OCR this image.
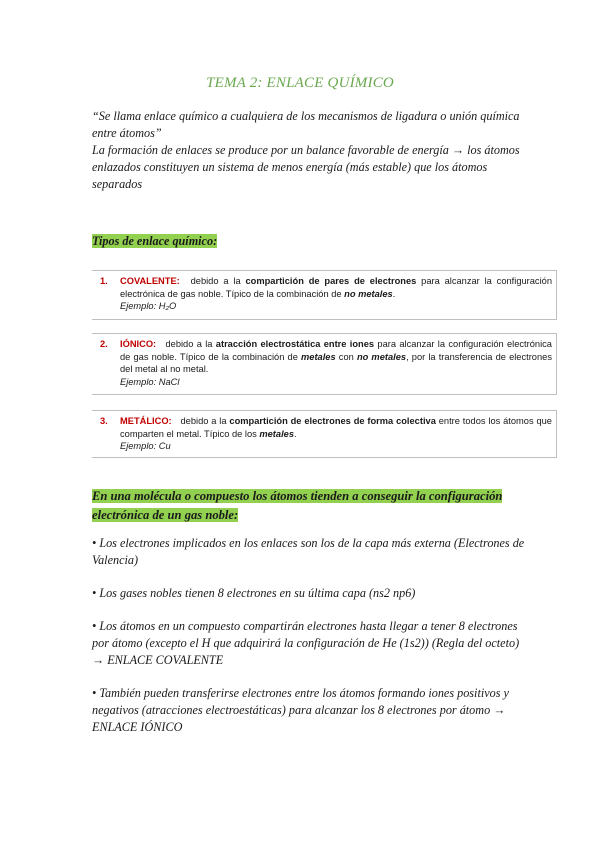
TEMA 2: ENLACE QUÍMICO

“Se llama enlace químico a cualquiera de los mecanismos de ligadura o unión química entre átomos”

La formación de enlaces se produce por un balance favorable de energía → los átomos

enlazados constituyen un sistema de menos energía (más estable) que los átomos separados

Tipos de enlace químico:
1.	COVALENTE: debido a la compartición de pares de electrones para alcanzar la configuración electrónica de gas noble. Típico de la combinación de no metales.
Ejemplo: H₂O
2.	IÓNICO: debido a la atracción electrostática entre iones para alcanzar la configuración electrónica de gas noble. Típico de la combinación de metales con no metales, por la transferencia de electrones del metal al no metal.
Ejemplo: NaCl
3.	METÁLICO: debido a la compartición de electrones de forma colectiva entre todos los átomos que comparten el metal. Típico de los metales.
Ejemplo: Cu
En una molécula o compuesto los átomos tienden a conseguir la configuración electrónica de un gas noble:

• Los electrones implicados en los enlaces son los de la capa más externa (Electrones de Valencia)

• Los gases nobles tienen 8 electrones en su última capa (ns2 np6)

• Los átomos en un compuesto compartirán electrones hasta llegar a tener 8 electrones por átomo (excepto el H que adquirirá la configuración de He (1s2)) (Regla del octeto) → ENLACE COVALENTE

• También pueden transferirse electrones entre los átomos formando iones positivos y negativos (atracciones electroestáticas) para alcanzar los 8 electrones por átomo → ENLACE IÓNICO
